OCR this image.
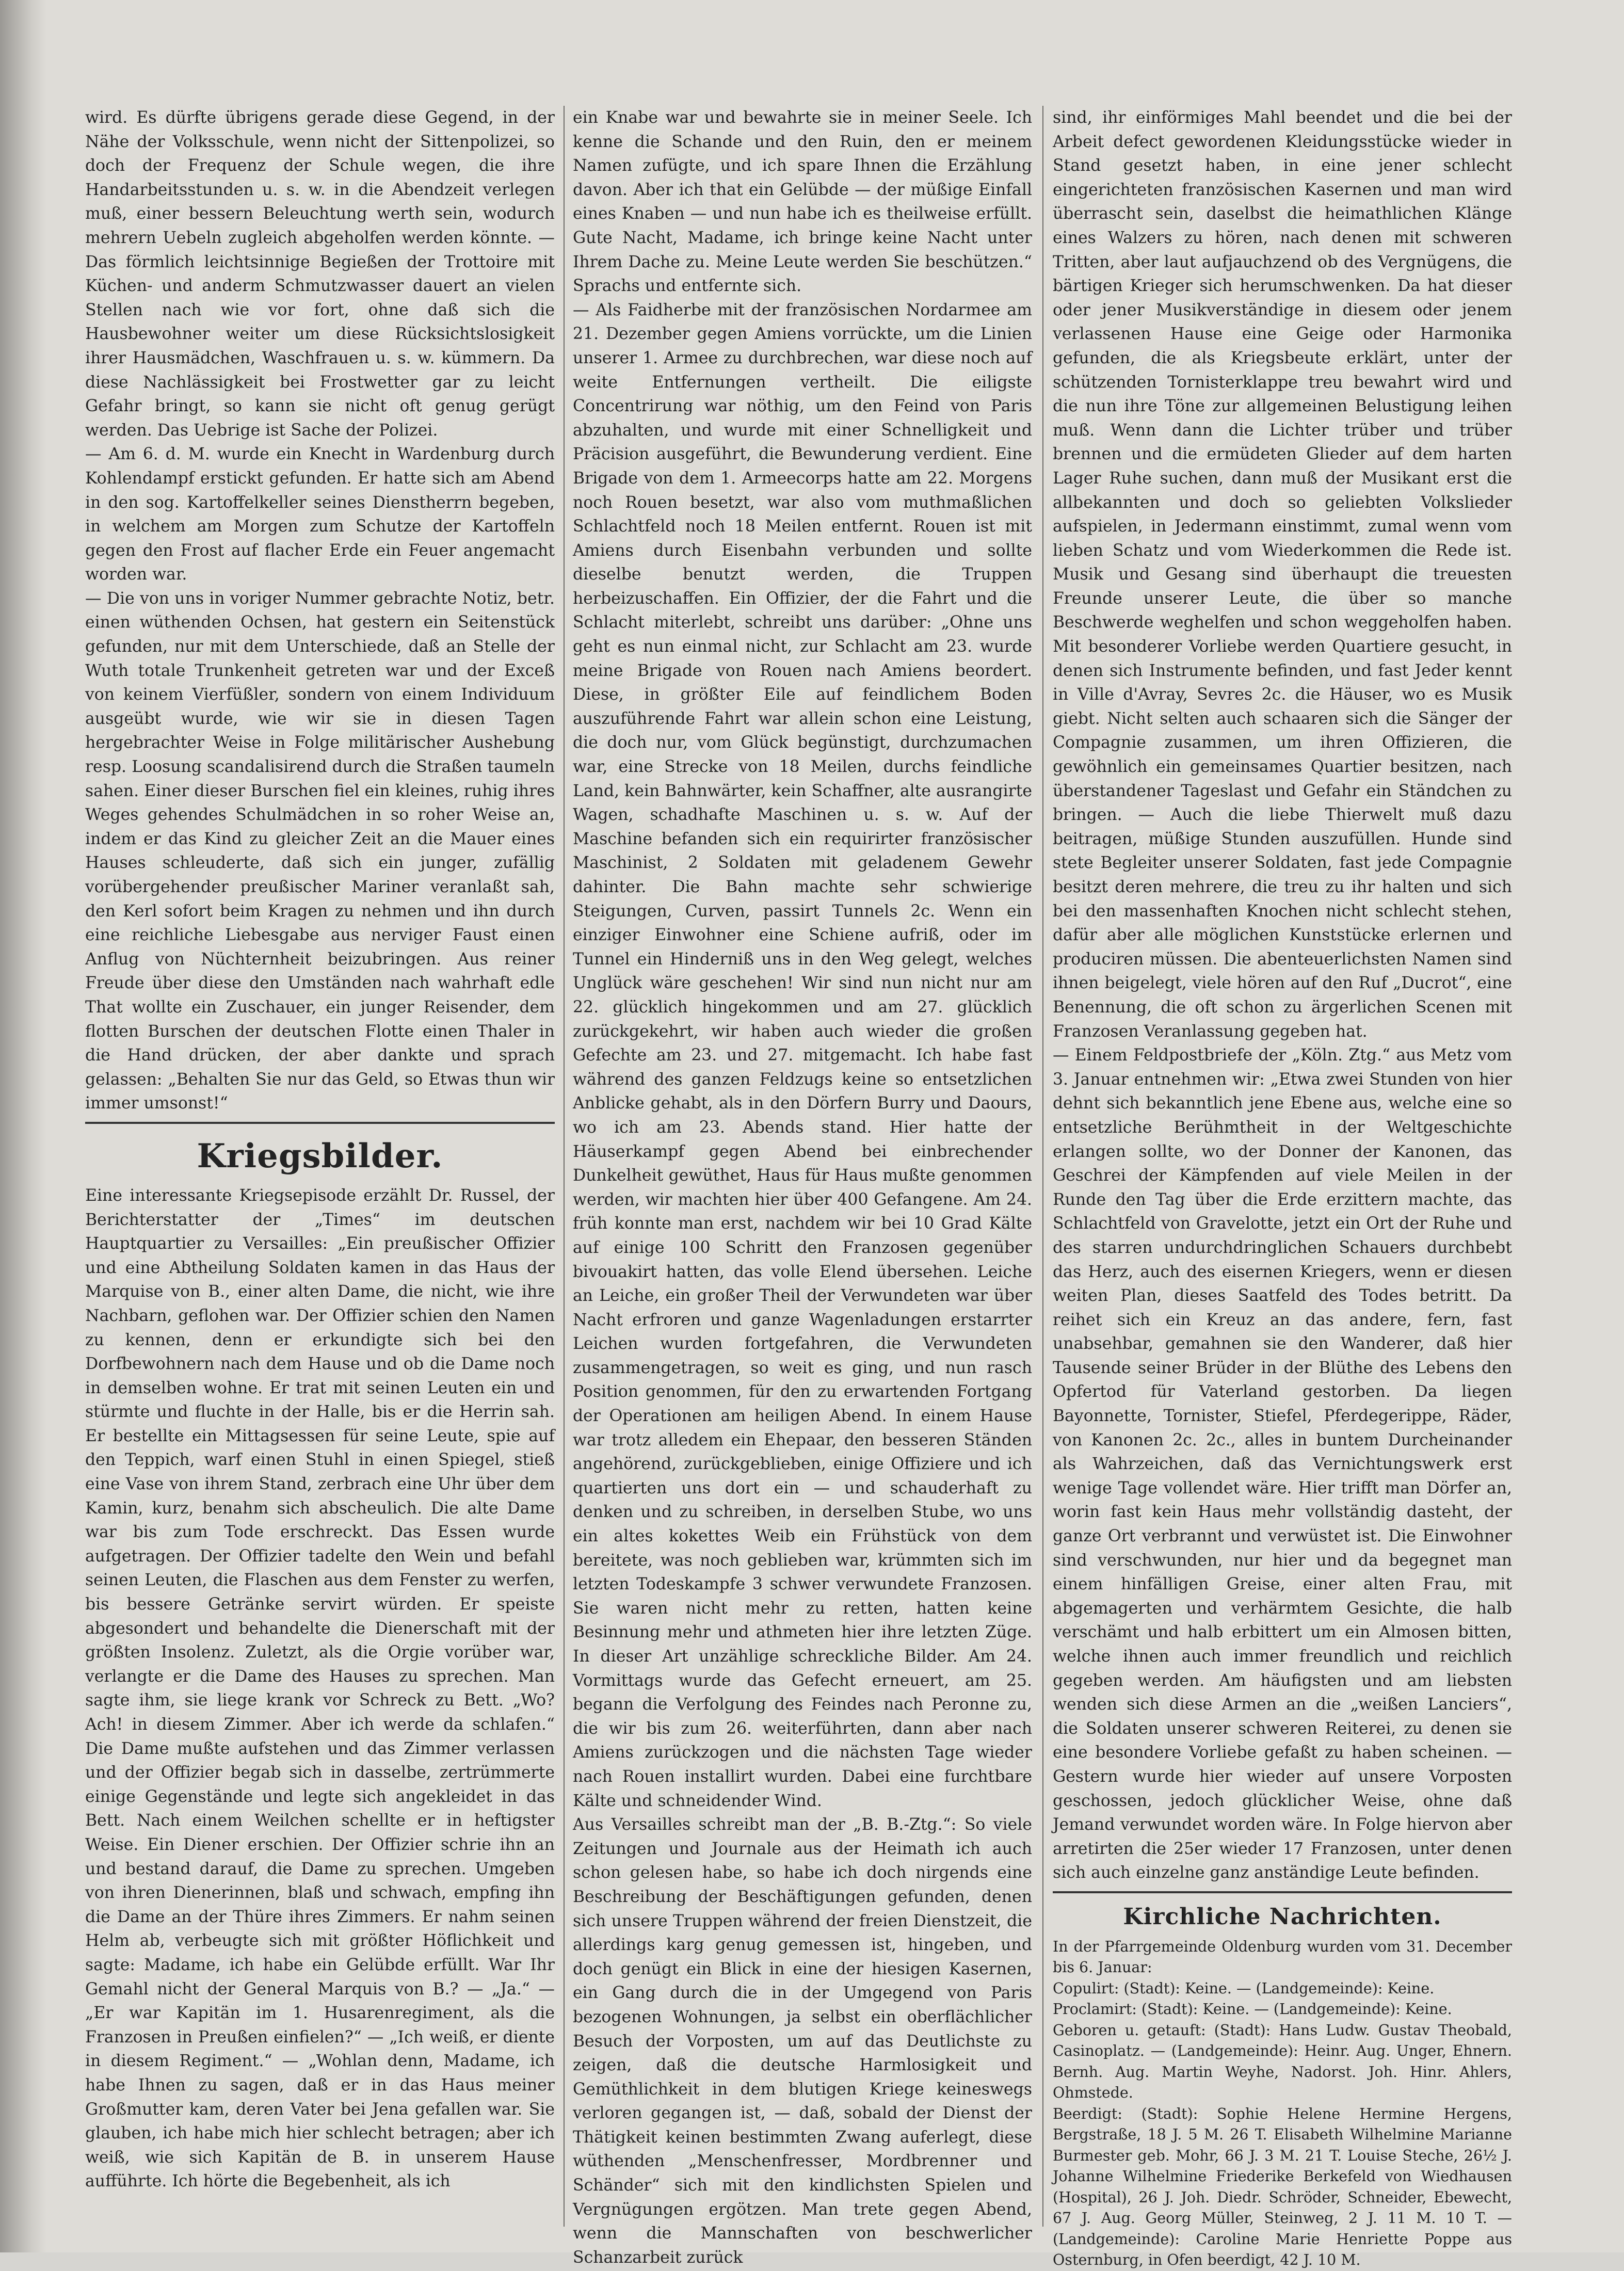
wird. Es dürfte übrigens gerade diese Gegend, in der Nähe der Volksschule, wenn nicht der Sittenpolizei, so doch der Frequenz der Schule wegen, die ihre Handarbeitsstunden u. s. w. in die Abendzeit verlegen muß, einer bessern Beleuchtung werth sein, wodurch mehrern Uebeln zugleich abgeholfen werden könnte. — Das förmlich leichtsinnige Begießen der Trottoire mit Küchen- und anderm Schmutzwasser dauert an vielen Stellen nach wie vor fort, ohne daß sich die Hausbewohner weiter um diese Rücksichtslosigkeit ihrer Hausmädchen, Waschfrauen u. s. w. kümmern. Da diese Nachlässigkeit bei Frostwetter gar zu leicht Gefahr bringt, so kann sie nicht oft genug gerügt werden. Das Uebrige ist Sache der Polizei.

— Am 6. d. M. wurde ein Knecht in Wardenburg durch Kohlendampf erstickt gefunden. Er hatte sich am Abend in den sog. Kartoffelkeller seines Dienstherrn begeben, in welchem am Morgen zum Schutze der Kartoffeln gegen den Frost auf flacher Erde ein Feuer angemacht worden war.

— Die von uns in voriger Nummer gebrachte Notiz, betr. einen wüthenden Ochsen, hat gestern ein Seitenstück gefunden, nur mit dem Unterschiede, daß an Stelle der Wuth totale Trunkenheit getreten war und der Exceß von keinem Vierfüßler, sondern von einem Individuum ausgeübt wurde, wie wir sie in diesen Tagen hergebrachter Weise in Folge militärischer Aushebung resp. Loosung scandalisirend durch die Straßen taumeln sahen. Einer dieser Burschen fiel ein kleines, ruhig ihres Weges gehendes Schulmädchen in so roher Weise an, indem er das Kind zu gleicher Zeit an die Mauer eines Hauses schleuderte, daß sich ein junger, zufällig vorübergehender preußischer Mariner veranlaßt sah, den Kerl sofort beim Kragen zu nehmen und ihn durch eine reichliche Liebesgabe aus nerviger Faust einen Anflug von Nüchternheit beizubringen. Aus reiner Freude über diese den Umständen nach wahrhaft edle That wollte ein Zuschauer, ein junger Reisender, dem flotten Burschen der deutschen Flotte einen Thaler in die Hand drücken, der aber dankte und sprach gelassen: „Behalten Sie nur das Geld, so Etwas thun wir immer umsonst!“

Kriegsbilder.

Eine interessante Kriegsepisode erzählt Dr. Russel, der Berichterstatter der „Times“ im deutschen Hauptquartier zu Versailles: „Ein preußischer Offizier und eine Abtheilung Soldaten kamen in das Haus der Marquise von B., einer alten Dame, die nicht, wie ihre Nachbarn, geflohen war. Der Offizier schien den Namen zu kennen, denn er erkundigte sich bei den Dorfbewohnern nach dem Hause und ob die Dame noch in demselben wohne. Er trat mit seinen Leuten ein und stürmte und fluchte in der Halle, bis er die Herrin sah. Er bestellte ein Mittagsessen für seine Leute, spie auf den Teppich, warf einen Stuhl in einen Spiegel, stieß eine Vase von ihrem Stand, zerbrach eine Uhr über dem Kamin, kurz, benahm sich abscheulich. Die alte Dame war bis zum Tode erschreckt. Das Essen wurde aufgetragen. Der Offizier tadelte den Wein und befahl seinen Leuten, die Flaschen aus dem Fenster zu werfen, bis bessere Getränke servirt würden. Er speiste abgesondert und behandelte die Dienerschaft mit der größten Insolenz. Zuletzt, als die Orgie vorüber war, verlangte er die Dame des Hauses zu sprechen. Man sagte ihm, sie liege krank vor Schreck zu Bett. „Wo? Ach! in diesem Zimmer. Aber ich werde da schlafen.“ Die Dame mußte aufstehen und das Zimmer verlassen und der Offizier begab sich in dasselbe, zertrümmerte einige Gegenstände und legte sich angekleidet in das Bett. Nach einem Weilchen schellte er in heftigster Weise. Ein Diener erschien. Der Offizier schrie ihn an und bestand darauf, die Dame zu sprechen. Umgeben von ihren Dienerinnen, blaß und schwach, empfing ihn die Dame an der Thüre ihres Zimmers. Er nahm seinen Helm ab, verbeugte sich mit größter Höflichkeit und sagte: Madame, ich habe ein Gelübde erfüllt. War Ihr Gemahl nicht der General Marquis von B.? — „Ja.“ — „Er war Kapitän im 1. Husarenregiment, als die Franzosen in Preußen einfielen?“ — „Ich weiß, er diente in diesem Regiment.“ — „Wohlan denn, Madame, ich habe Ihnen zu sagen, daß er in das Haus meiner Großmutter kam, deren Vater bei Jena gefallen war. Sie glauben, ich habe mich hier schlecht betragen; aber ich weiß, wie sich Kapitän de B. in unserem Hause aufführte. Ich hörte die Begebenheit, als ich

ein Knabe war und bewahrte sie in meiner Seele. Ich kenne die Schande und den Ruin, den er meinem Namen zufügte, und ich spare Ihnen die Erzählung davon. Aber ich that ein Gelübde — der müßige Einfall eines Knaben — und nun habe ich es theilweise erfüllt. Gute Nacht, Madame, ich bringe keine Nacht unter Ihrem Dache zu. Meine Leute werden Sie beschützen.“ Sprachs und entfernte sich.

— Als Faidherbe mit der französischen Nordarmee am 21. Dezember gegen Amiens vorrückte, um die Linien unserer 1. Armee zu durchbrechen, war diese noch auf weite Entfernungen vertheilt. Die eiligste Concentrirung war nöthig, um den Feind von Paris abzuhalten, und wurde mit einer Schnelligkeit und Präcision ausgeführt, die Bewunderung verdient. Eine Brigade von dem 1. Armeecorps hatte am 22. Morgens noch Rouen besetzt, war also vom muthmaßlichen Schlachtfeld noch 18 Meilen entfernt. Rouen ist mit Amiens durch Eisenbahn verbunden und sollte dieselbe benutzt werden, die Truppen herbeizuschaffen. Ein Offizier, der die Fahrt und die Schlacht miterlebt, schreibt uns darüber: „Ohne uns geht es nun einmal nicht, zur Schlacht am 23. wurde meine Brigade von Rouen nach Amiens beordert. Diese, in größter Eile auf feindlichem Boden auszuführende Fahrt war allein schon eine Leistung, die doch nur, vom Glück begünstigt, durchzumachen war, eine Strecke von 18 Meilen, durchs feindliche Land, kein Bahnwärter, kein Schaffner, alte ausrangirte Wagen, schadhafte Maschinen u. s. w. Auf der Maschine befanden sich ein requirirter französischer Maschinist, 2 Soldaten mit geladenem Gewehr dahinter. Die Bahn machte sehr schwierige Steigungen, Curven, passirt Tunnels 2c. Wenn ein einziger Einwohner eine Schiene aufriß, oder im Tunnel ein Hinderniß uns in den Weg gelegt, welches Unglück wäre geschehen! Wir sind nun nicht nur am 22. glücklich hingekommen und am 27. glücklich zurückgekehrt, wir haben auch wieder die großen Gefechte am 23. und 27. mitgemacht. Ich habe fast während des ganzen Feldzugs keine so entsetzlichen Anblicke gehabt, als in den Dörfern Burry und Daours, wo ich am 23. Abends stand. Hier hatte der Häuserkampf gegen Abend bei einbrechender Dunkelheit gewüthet, Haus für Haus mußte genommen werden, wir machten hier über 400 Gefangene. Am 24. früh konnte man erst, nachdem wir bei 10 Grad Kälte auf einige 100 Schritt den Franzosen gegenüber bivouakirt hatten, das volle Elend übersehen. Leiche an Leiche, ein großer Theil der Verwundeten war über Nacht erfroren und ganze Wagenladungen erstarrter Leichen wurden fortgefahren, die Verwundeten zusammengetragen, so weit es ging, und nun rasch Position genommen, für den zu erwartenden Fortgang der Operationen am heiligen Abend. In einem Hause war trotz alledem ein Ehepaar, den besseren Ständen angehörend, zurückgeblieben, einige Offiziere und ich quartierten uns dort ein — und schauderhaft zu denken und zu schreiben, in derselben Stube, wo uns ein altes kokettes Weib ein Frühstück von dem bereitete, was noch geblieben war, krümmten sich im letzten Todeskampfe 3 schwer verwundete Franzosen. Sie waren nicht mehr zu retten, hatten keine Besinnung mehr und athmeten hier ihre letzten Züge. In dieser Art unzählige schreckliche Bilder. Am 24. Vormittags wurde das Gefecht erneuert, am 25. begann die Verfolgung des Feindes nach Peronne zu, die wir bis zum 26. weiterführten, dann aber nach Amiens zurückzogen und die nächsten Tage wieder nach Rouen installirt wurden. Dabei eine furchtbare Kälte und schneidender Wind.

Aus Versailles schreibt man der „B. B.-Ztg.“: So viele Zeitungen und Journale aus der Heimath ich auch schon gelesen habe, so habe ich doch nirgends eine Beschreibung der Beschäftigungen gefunden, denen sich unsere Truppen während der freien Dienstzeit, die allerdings karg genug gemessen ist, hingeben, und doch genügt ein Blick in eine der hiesigen Kasernen, ein Gang durch die in der Umgegend von Paris bezogenen Wohnungen, ja selbst ein oberflächlicher Besuch der Vorposten, um auf das Deutlichste zu zeigen, daß die deutsche Harmlosigkeit und Gemüthlichkeit in dem blutigen Kriege keineswegs verloren gegangen ist, — daß, sobald der Dienst der Thätigkeit keinen bestimmten Zwang auferlegt, diese wüthenden „Menschenfresser, Mordbrenner und Schänder“ sich mit den kindlichsten Spielen und Vergnügungen ergötzen. Man trete gegen Abend, wenn die Mannschaften von beschwerlicher Schanzarbeit zurück

sind, ihr einförmiges Mahl beendet und die bei der Arbeit defect gewordenen Kleidungsstücke wieder in Stand gesetzt haben, in eine jener schlecht eingerichteten französischen Kasernen und man wird überrascht sein, daselbst die heimathlichen Klänge eines Walzers zu hören, nach denen mit schweren Tritten, aber laut aufjauchzend ob des Vergnügens, die bärtigen Krieger sich herumschwenken. Da hat dieser oder jener Musikverständige in diesem oder jenem verlassenen Hause eine Geige oder Harmonika gefunden, die als Kriegsbeute erklärt, unter der schützenden Tornisterklappe treu bewahrt wird und die nun ihre Töne zur allgemeinen Belustigung leihen muß. Wenn dann die Lichter trüber und trüber brennen und die ermüdeten Glieder auf dem harten Lager Ruhe suchen, dann muß der Musikant erst die allbekannten und doch so geliebten Volkslieder aufspielen, in Jedermann einstimmt, zumal wenn vom lieben Schatz und vom Wiederkommen die Rede ist. Musik und Gesang sind überhaupt die treuesten Freunde unserer Leute, die über so manche Beschwerde weghelfen und schon weggeholfen haben. Mit besonderer Vorliebe werden Quartiere gesucht, in denen sich Instrumente befinden, und fast Jeder kennt in Ville d'Avray, Sevres 2c. die Häuser, wo es Musik giebt. Nicht selten auch schaaren sich die Sänger der Compagnie zusammen, um ihren Offizieren, die gewöhnlich ein gemeinsames Quartier besitzen, nach überstandener Tageslast und Gefahr ein Ständchen zu bringen. — Auch die liebe Thierwelt muß dazu beitragen, müßige Stunden auszufüllen. Hunde sind stete Begleiter unserer Soldaten, fast jede Compagnie besitzt deren mehrere, die treu zu ihr halten und sich bei den massenhaften Knochen nicht schlecht stehen, dafür aber alle möglichen Kunststücke erlernen und produciren müssen. Die abenteuerlichsten Namen sind ihnen beigelegt, viele hören auf den Ruf „Ducrot“, eine Benennung, die oft schon zu ärgerlichen Scenen mit Franzosen Veranlassung gegeben hat.

— Einem Feldpostbriefe der „Köln. Ztg.“ aus Metz vom 3. Januar entnehmen wir: „Etwa zwei Stunden von hier dehnt sich bekanntlich jene Ebene aus, welche eine so entsetzliche Berühmtheit in der Weltgeschichte erlangen sollte, wo der Donner der Kanonen, das Geschrei der Kämpfenden auf viele Meilen in der Runde den Tag über die Erde erzittern machte, das Schlachtfeld von Gravelotte, jetzt ein Ort der Ruhe und des starren undurchdringlichen Schauers durchbebt das Herz, auch des eisernen Kriegers, wenn er diesen weiten Plan, dieses Saatfeld des Todes betritt. Da reihet sich ein Kreuz an das andere, fern, fast unabsehbar, gemahnen sie den Wanderer, daß hier Tausende seiner Brüder in der Blüthe des Lebens den Opfertod für Vaterland gestorben. Da liegen Bayonnette, Tornister, Stiefel, Pferdegerippe, Räder, von Kanonen 2c. 2c., alles in buntem Durcheinander als Wahrzeichen, daß das Vernichtungswerk erst wenige Tage vollendet wäre. Hier trifft man Dörfer an, worin fast kein Haus mehr vollständig dasteht, der ganze Ort verbrannt und verwüstet ist. Die Einwohner sind verschwunden, nur hier und da begegnet man einem hinfälligen Greise, einer alten Frau, mit abgemagerten und verhärmtem Gesichte, die halb verschämt und halb erbittert um ein Almosen bitten, welche ihnen auch immer freundlich und reichlich gegeben werden. Am häufigsten und am liebsten wenden sich diese Armen an die „weißen Lanciers“, die Soldaten unserer schweren Reiterei, zu denen sie eine besondere Vorliebe gefaßt zu haben scheinen. — Gestern wurde hier wieder auf unsere Vorposten geschossen, jedoch glücklicher Weise, ohne daß Jemand verwundet worden wäre. In Folge hiervon aber arretirten die 25er wieder 17 Franzosen, unter denen sich auch einzelne ganz anständige Leute befinden.

Kirchliche Nachrichten.

In der Pfarrgemeinde Oldenburg wurden vom 31. December bis 6. Januar:

Copulirt: (Stadt): Keine. — (Landgemeinde): Keine.

Proclamirt: (Stadt): Keine. — (Landgemeinde): Keine.

Geboren u. getauft: (Stadt): Hans Ludw. Gustav Theobald, Casinoplatz. — (Landgemeinde): Heinr. Aug. Unger, Ehnern. Bernh. Aug. Martin Weyhe, Nadorst. Joh. Hinr. Ahlers, Ohmstede.

Beerdigt: (Stadt): Sophie Helene Hermine Hergens, Bergstraße, 18 J. 5 M. 26 T. Elisabeth Wilhelmine Marianne Burmester geb. Mohr, 66 J. 3 M. 21 T. Louise Steche, 26½ J. Johanne Wilhelmine Friederike Berkefeld von Wiedhausen (Hospital), 26 J. Joh. Diedr. Schröder, Schneider, Ebewecht, 67 J. Aug. Georg Müller, Steinweg, 2 J. 11 M. 10 T. — (Landgemeinde): Caroline Marie Henriette Poppe aus Osternburg, in Ofen beerdigt, 42 J. 10 M.
